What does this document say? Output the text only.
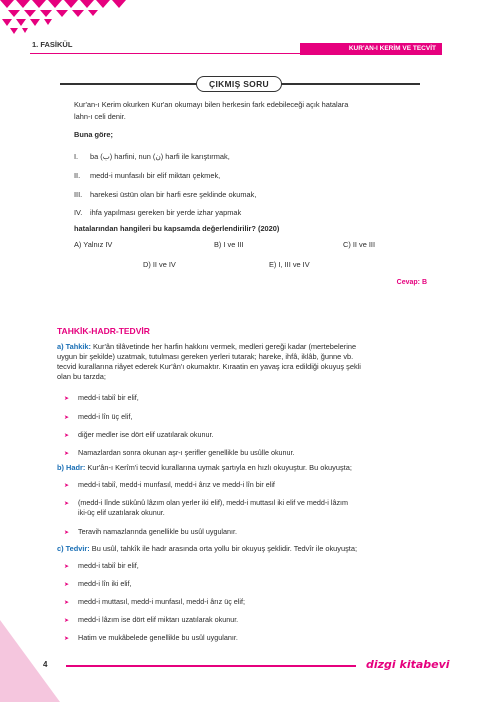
1. FASİKÜL	KUR'AN-I KERİM VE TECVİT
ÇIKMIŞ SORU
Kur'an-ı Kerim okurken Kur'an okumayı bilen herkesin fark edebileceği açık hatalara
lahn-ı celi denir.
Buna göre;
I. ba (ب) harfini, nun (ن) harfi ile karıştırmak,
II. medd-i munfasılı bir elif miktarı çekmek,
III. harekesi üstün olan bir harfi esre şeklinde okumak,
IV. ihfa yapılması gereken bir yerde izhar yapmak
hatalarından hangileri bu kapsamda değerlendirilir? (2020)
A) Yalnız IV	B) I ve III	C) II ve III
D) II ve IV	E) I, III ve IV
Cevap: B
TAHKİK-HADR-TEDVİR
a) Tahkik: Kur'ân tilâvetinde her harfin hakkını vermek, medleri gereği kadar (mertebelerine
uygun bir şekilde) uzatmak, tutulması gereken yerleri tutarak; hareke, ihfâ, iklâb, ğunne vb.
tecvid kurallarına riâyet ederek Kur'ân'ı okumaktır. Kıraatin en yavaş icra edildiği okuyuş şekli
olan bu tarzda;
➤ medd-i tabiî bir elif,
➤ medd-i lîn üç elif,
➤ diğer medler ise dört elif uzatılarak okunur.
➤ Namazlardan sonra okunan aşr-ı şerifler genellikle bu usûlle okunur.
b) Hadr: Kur'ân-ı Kerîm'i tecvid kurallarına uymak şartıyla en hızlı okuyuştur. Bu okuyuşta;
➤ medd-i tabiî, medd-i munfasıl, medd-i ârız ve medd-i lîn bir elif
➤ (medd-i lînde sükûnû lâzım olan yerler iki elif), medd-i muttasıl iki elif ve medd-i lâzım
iki-üç elif uzatılarak okunur.
➤ Teravih namazlarında genellikle bu usûl uygulanır.
c) Tedvir: Bu usûl, tahkîk ile hadr arasında orta yollu bir okuyuş şeklidir. Tedvîr ile okuyuşta;
➤ medd-i tabiî bir elif,
➤ medd-i lîn iki elif,
➤ medd-i muttasıl, medd-i munfasıl, medd-i ârız üç elif;
➤ medd-i lâzım ise dört elif miktarı uzatılarak okunur.
➤ Hatim ve mukâbelede genellikle bu usûl uygulanır.
4	dizgi kitabevi
